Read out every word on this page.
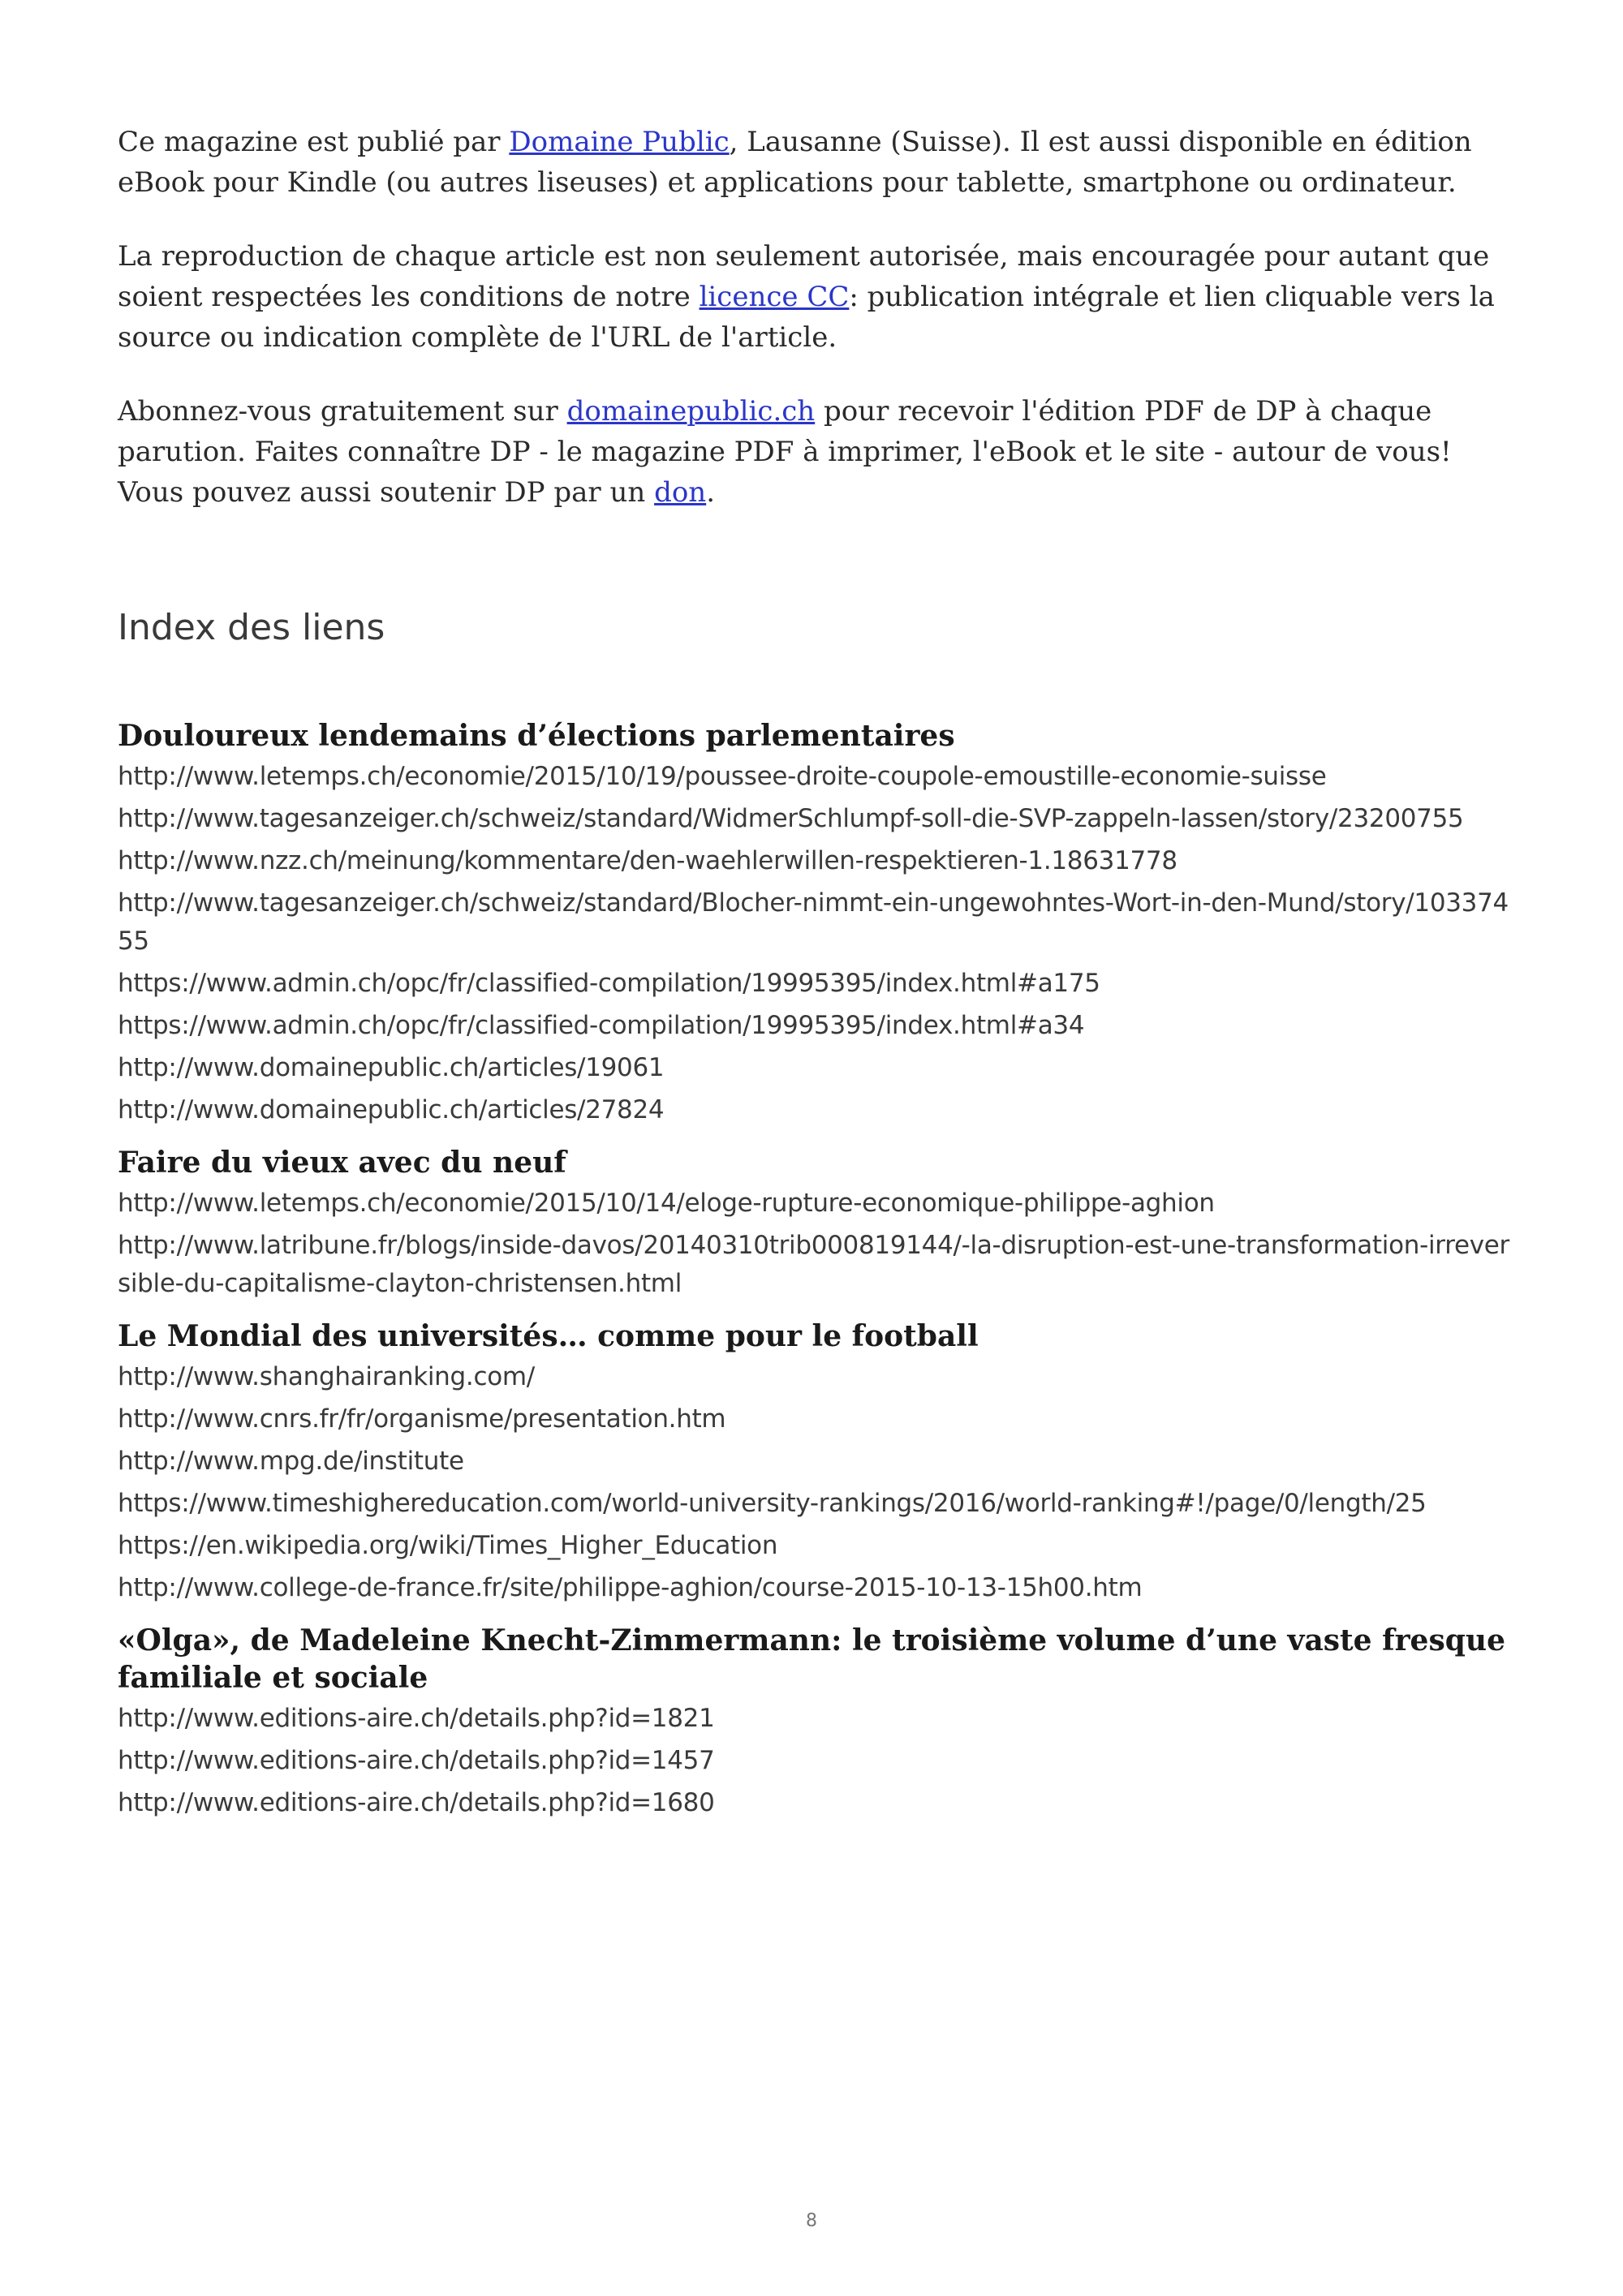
Ce magazine est publié par Domaine Public, Lausanne (Suisse). Il est aussi disponible en édition eBook pour Kindle (ou autres liseuses) et applications pour tablette, smartphone ou ordinateur.

La reproduction de chaque article est non seulement autorisée, mais encouragée pour autant que soient respectées les conditions de notre licence CC: publication intégrale et lien cliquable vers la source ou indication complète de l'URL de l'article.

Abonnez-vous gratuitement sur domainepublic.ch pour recevoir l'édition PDF de DP à chaque parution. Faites connaître DP - le magazine PDF à imprimer, l'eBook et le site - autour de vous! Vous pouvez aussi soutenir DP par un don.

Index des liens
Douloureux lendemains d’élections parlementaires
http://www.letemps.ch/economie/2015/10/19/poussee-droite-coupole-emoustille-economie-suisse
http://www.tagesanzeiger.ch/schweiz/standard/WidmerSchlumpf-soll-die-SVP-zappeln-lassen/story/23200755
http://www.nzz.ch/meinung/kommentare/den-waehlerwillen-respektieren-1.18631778
http://www.tagesanzeiger.ch/schweiz/standard/Blocher-nimmt-ein-ungewohntes-Wort-in-den-Mund/story/10337455
https://www.admin.ch/opc/fr/classified-compilation/19995395/index.html#a175
https://www.admin.ch/opc/fr/classified-compilation/19995395/index.html#a34
http://www.domainepublic.ch/articles/19061
http://www.domainepublic.ch/articles/27824
Faire du vieux avec du neuf
http://www.letemps.ch/economie/2015/10/14/eloge-rupture-economique-philippe-aghion
http://www.latribune.fr/blogs/inside-davos/20140310trib000819144/-la-disruption-est-une-transformation-irreversible-du-capitalisme-clayton-christensen.html
Le Mondial des universités… comme pour le football
http://www.shanghairanking.com/
http://www.cnrs.fr/fr/organisme/presentation.htm
http://www.mpg.de/institute
https://www.timeshighereducation.com/world-university-rankings/2016/world-ranking#!/page/0/length/25
https://en.wikipedia.org/wiki/Times_Higher_Education
http://www.college-de-france.fr/site/philippe-aghion/course-2015-10-13-15h00.htm
«Olga», de Madeleine Knecht-Zimmermann: le troisième volume d’une vaste fresque familiale et sociale
http://www.editions-aire.ch/details.php?id=1821
http://www.editions-aire.ch/details.php?id=1457
http://www.editions-aire.ch/details.php?id=1680
8
